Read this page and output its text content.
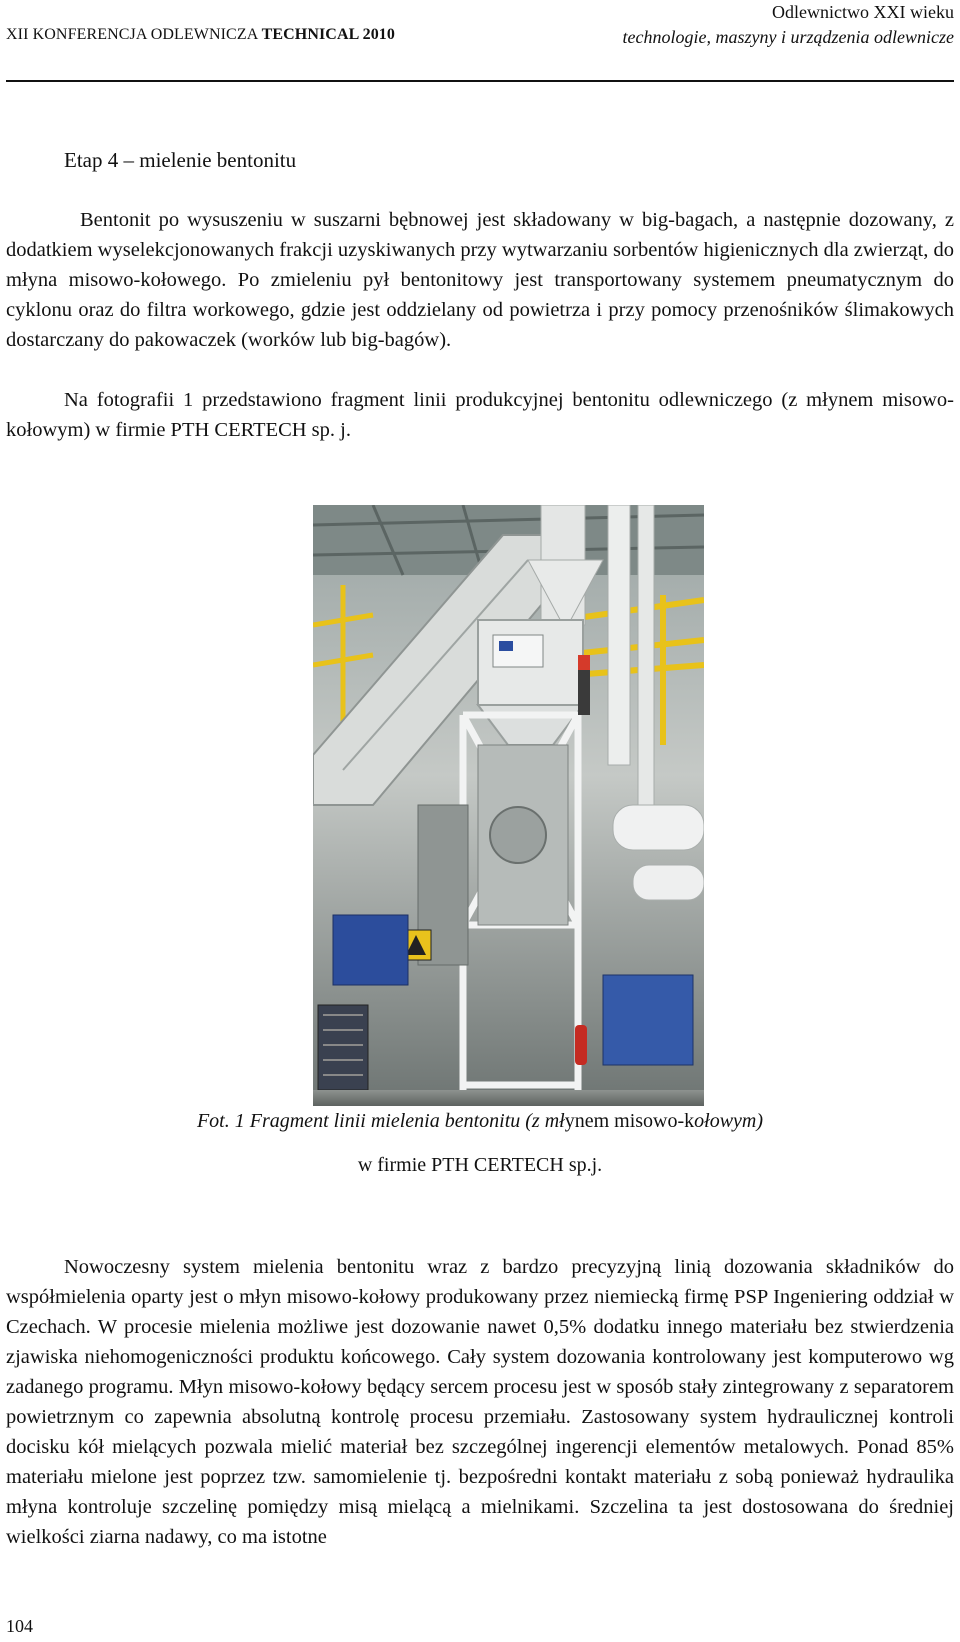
XII KONFERENCJA ODLEWNICZA TECHNICAL 2010
Odlewnictwo XXI wieku
technologie, maszyny i urządzenia odlewnicze
Etap 4 – mielenie bentonitu
Bentonit po wysuszeniu w suszarni bębnowej jest składowany w big-bagach, a następnie dozowany, z dodatkiem wyselekcjonowanych frakcji uzyskiwanych przy wytwarzaniu sorbentów higienicznych dla zwierząt, do młyna misowo-kołowego. Po zmieleniu pył bentonitowy jest transportowany systemem pneumatycznym do cyklonu oraz do filtra workowego, gdzie jest oddzielany od powietrza i przy pomocy przenośników ślimakowych dostarczany do pakowaczek (worków lub big-bagów).
Na fotografii 1 przedstawiono fragment linii produkcyjnej bentonitu odlewniczego (z młynem misowo-kołowym) w firmie PTH CERTECH sp. j.
Fot. 1 Fragment linii mielenia bentonitu (z młynem misowo-kołowym)
w firmie PTH CERTECH sp.j.
Nowoczesny system mielenia bentonitu wraz z bardzo precyzyjną linią dozowania składników do współmielenia oparty jest o młyn misowo-kołowy produkowany przez niemiecką firmę PSP Ingeniering oddział w Czechach. W procesie mielenia możliwe jest dozowanie nawet 0,5% dodatku innego materiału bez stwierdzenia zjawiska niehomogeniczności produktu końcowego. Cały system dozowania kontrolowany jest komputerowo wg zadanego programu. Młyn misowo-kołowy będący sercem procesu jest w sposób stały zintegrowany z separatorem powietrznym co zapewnia absolutną kontrolę procesu przemiału. Zastosowany system hydraulicznej kontroli docisku kół mielących pozwala mielić materiał bez szczególnej ingerencji elementów metalowych. Ponad 85% materiału mielone jest poprzez tzw. samomielenie tj. bezpośredni kontakt materiału z sobą ponieważ hydraulika młyna kontroluje szczelinę pomiędzy misą mielącą a mielnikami. Szczelina ta jest dostosowana do średniej wielkości ziarna nadawy, co ma istotne
104
